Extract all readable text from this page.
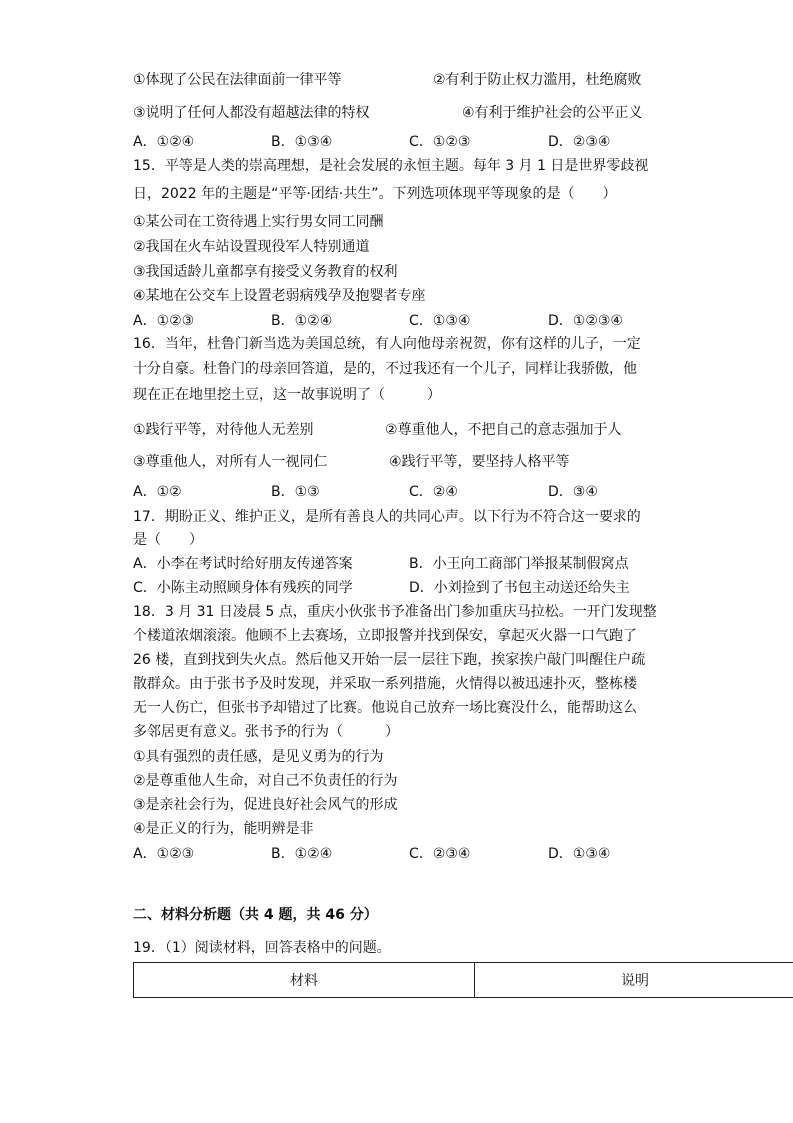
①体现了公民在法律面前一律平等	②有利于防止权力滥用，杜绝腐败
③说明了任何人都没有超越法律的特权	④有利于维护社会的公平正义
A．①②④	B．①③④	C．①②③	D．②③④
15．平等是人类的崇高理想，是社会发展的永恒主题。每年 3 月 1 日是世界零歧视
日，2022 年的主题是“平等·团结·共生”。下列选项体现平等现象的是（　　）
①某公司在工资待遇上实行男女同工同酬
②我国在火车站设置现役军人特别通道
③我国适龄儿童都享有接受义务教育的权利
④某地在公交车上设置老弱病残孕及抱婴者专座
A．①②③	B．①②④	C．①③④	D．①②③④
16．当年，杜鲁门新当选为美国总统，有人向他母亲祝贺，你有这样的儿子，一定
十分自豪。杜鲁门的母亲回答道，是的，不过我还有一个儿子，同样让我骄傲，他
现在正在地里挖土豆，这一故事说明了（　　　）
①践行平等，对待他人无差别	②尊重他人，不把自己的意志强加于人
③尊重他人，对所有人一视同仁	④践行平等，要坚持人格平等
A．①②	B．①③	C．②④	D．③④
17．期盼正义、维护正义，是所有善良人的共同心声。以下行为不符合这一要求的
是（　　）
A．小李在考试时给好朋友传递答案	B．小王向工商部门举报某制假窝点
C．小陈主动照顾身体有残疾的同学	D．小刘捡到了书包主动送还给失主
18．3 月 31 日凌晨 5 点，重庆小伙张书予准备出门参加重庆马拉松。一开门发现整
个楼道浓烟滚滚。他顾不上去赛场，立即报警并找到保安，拿起灭火器一口气跑了
26 楼，直到找到失火点。然后他又开始一层一层往下跑，挨家挨户敲门叫醒住户疏
散群众。由于张书予及时发现，并采取一系列措施，火情得以被迅速扑灭，整栋楼
无一人伤亡，但张书予却错过了比赛。他说自己放弃一场比赛没什么，能帮助这么
多邻居更有意义。张书予的行为（　　　）
①具有强烈的责任感，是见义勇为的行为
②是尊重他人生命，对自己不负责任的行为
③是亲社会行为，促进良好社会风气的形成
④是正义的行为，能明辨是非
A．①②③	B．①②④	C．②③④	D．①③④
二、材料分析题（共 4 题，共 46 分）
19．（1）阅读材料，回答表格中的问题。
材料	说明
